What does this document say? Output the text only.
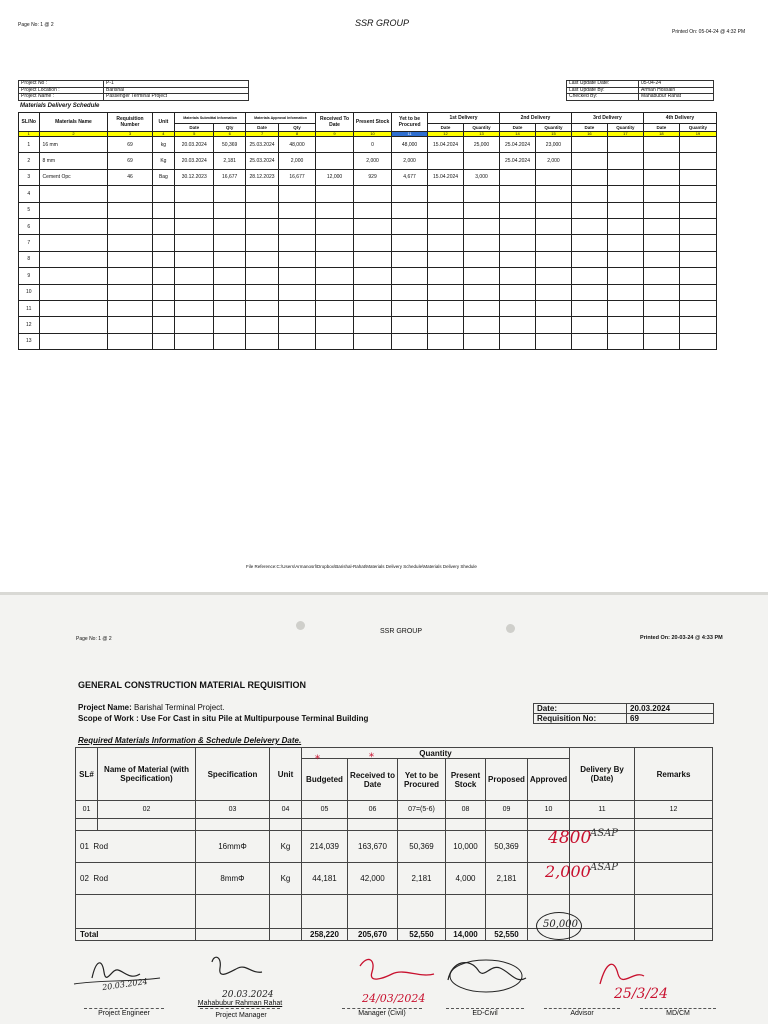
Page No: 1 @ 2	SSR GROUP
Printed On: 05-04-24 @ 4:32 PM
Project No :	P-1
Project Location :	Barishal
Project Name :	Passenger Terminal Project
Last Update Date:	05-04-24
Last Update By:	Arman Hossain
Checked By:	Mahabubur Rahat
Materials Delivery Schedule
SL/No	Materials Name	Requisition Number	Unit	Materials Submittal Information		Materials Approval Information		Received To Date	Present Stock	Yet to be Procured	1st Delivery		2nd Delivery		3rd Delivery		4th Delivery	
				Date	Qty	Date	Qty				Date	Quantity	Date	Quantity	Date	Quantity	Date	Quantity
1	2	3	4	5	6	7	8	9	10	11	12	13	14	15	16	17	18	19
1	16 mm	69	kg	20.03.2024	50,369	25.03.2024	48,000		0	48,000	15.04.2024	25,000	25.04.2024	23,000				
2	8 mm	69	Kg	20.03.2024	2,181	25.03.2024	2,000		2,000	2,000			25.04.2024	2,000				
3	Cement Opc	46	Bag	30.12.2023	16,677	28.12.2023	16,677	12,000	929	4,677	15.04.2024	3,000						
4																		
5																		
6																		
7																		
8																		
9																		
10																		
11																		
12																		
13																		
File Reference:C:\Users\Armanosrl\Dropbox\Barishal-Rahat\Materials Delivery Schedule\Materials Delivery Shedule
SSR GROUP
Page No: 1 @ 2	Printed On: 20-03-24 @ 4:33 PM
GENERAL CONSTRUCTION MATERIAL REQUISITION
Project Name: Barishal Terminal Project.
Scope of Work : Use For Cast in situ Pile at Multipurpouse Terminal Building
Date:	20.03.2024
Requisition No:	69
Required Materials Information & Schedule Deleivery Date.
SL#	Name of Material (with Specification)	Specification	Unit	Quantity						Delivery By (Date)	Remarks
				Budgeted	Received to Date	Yet to be Procured	Present Stock	Proposed	Approved		
01	02	03	04	05	06	07=(5-6)	08	09	10	11	12

01 Rod		16mmΦ	Kg	214,039	163,670	50,369	10,000	50,369			
02 Rod		8mmΦ	Kg	44,181	42,000	2,181	4,000	2,181			

Total				258,220	205,670	52,550	14,000	52,550			
*	*
4800
ASAP
2,000 ASAP
50,000
20.03.2024
20.03.2024	24/03/2024	25/3/24
Project Engineer
Mahabubur Rahman Rahat
Project Manager	Manager (Civil)	ED-Civil	Advisor	MD/CM
